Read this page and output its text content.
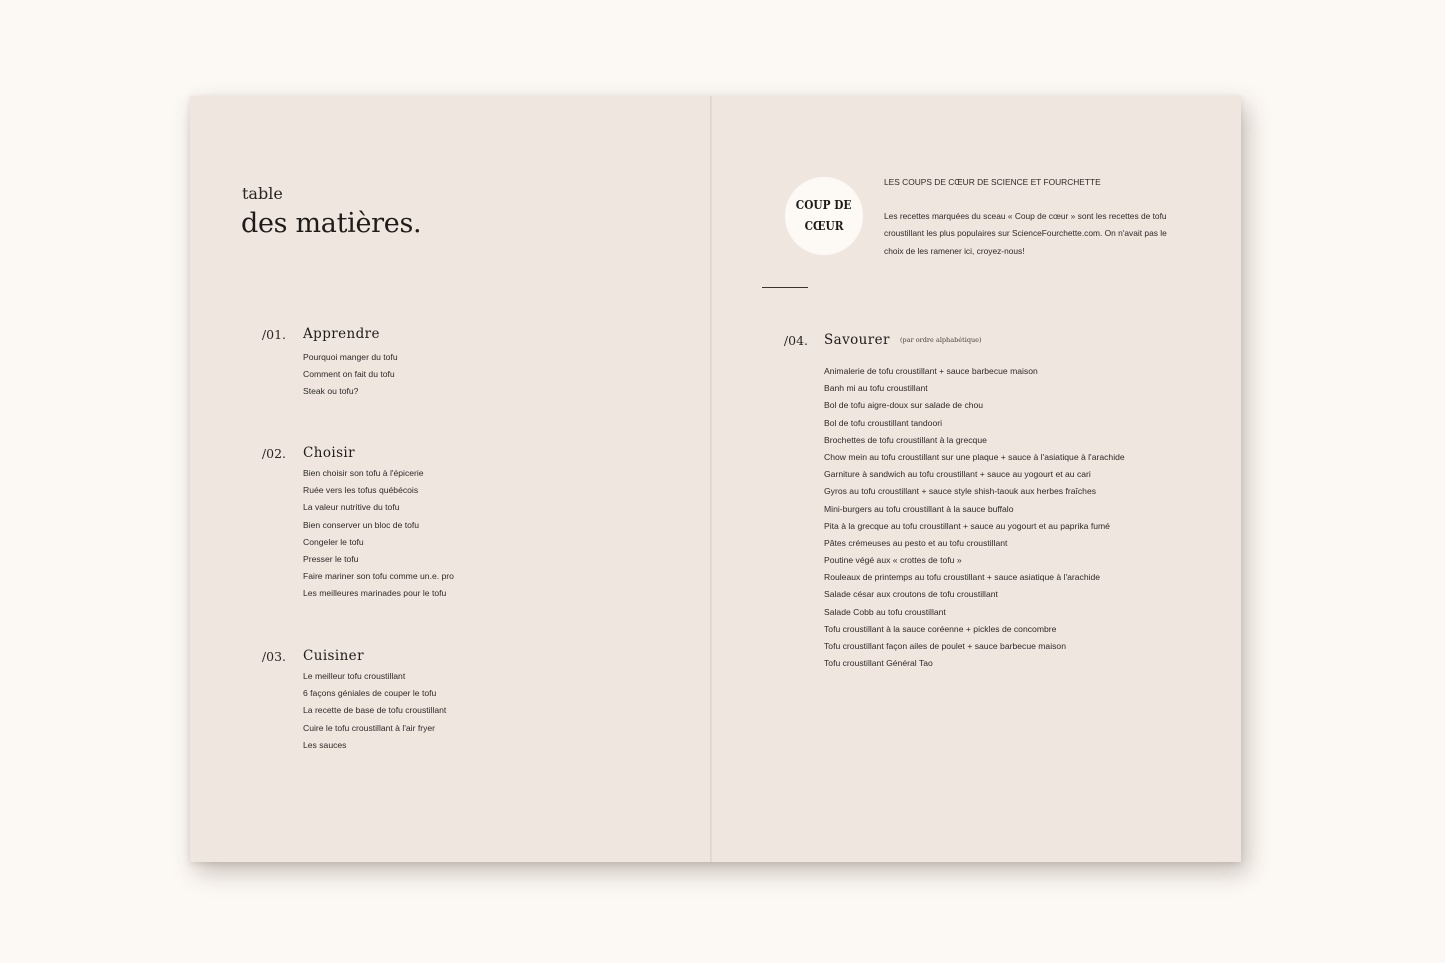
table
des matières.
/01. Apprendre
Pourquoi manger du tofu
Comment on fait du tofu
Steak ou tofu?
/02. Choisir
Bien choisir son tofu à l'épicerie
Ruée vers les tofus québécois
La valeur nutritive du tofu
Bien conserver un bloc de tofu
Congeler le tofu
Presser le tofu
Faire mariner son tofu comme un.e. pro
Les meilleures marinades pour le tofu
/03. Cuisiner
Le meilleur tofu croustillant
6 façons géniales de couper le tofu
La recette de base de tofu croustillant
Cuire le tofu croustillant à l'air fryer
Les sauces
COUP DE
CŒUR
LES COUPS DE CŒUR DE SCIENCE ET FOURCHETTE
Les recettes marquées du sceau « Coup de cœur » sont les recettes de tofu croustillant les plus populaires sur ScienceFourchette.com. On n'avait pas le choix de les ramener ici, croyez-nous!
/04. Savourer (par ordre alphabétique)
Animalerie de tofu croustillant + sauce barbecue maison
Banh mi au tofu croustillant
Bol de tofu aigre-doux sur salade de chou
Bol de tofu croustillant tandoori
Brochettes de tofu croustillant à la grecque
Chow mein au tofu croustillant sur une plaque + sauce à l'asiatique à l'arachide
Garniture à sandwich au tofu croustillant + sauce au yogourt et au cari
Gyros au tofu croustillant + sauce style shish-taouk aux herbes fraîches
Mini-burgers au tofu croustillant à la sauce buffalo
Pita à la grecque au tofu croustillant + sauce au yogourt et au paprika fumé
Pâtes crémeuses au pesto et au tofu croustillant
Poutine végé aux « crottes de tofu »
Rouleaux de printemps au tofu croustillant + sauce asiatique à l'arachide
Salade césar aux croutons de tofu croustillant
Salade Cobb au tofu croustillant
Tofu croustillant à la sauce coréenne + pickles de concombre
Tofu croustillant façon ailes de poulet + sauce barbecue maison
Tofu croustillant Général Tao
